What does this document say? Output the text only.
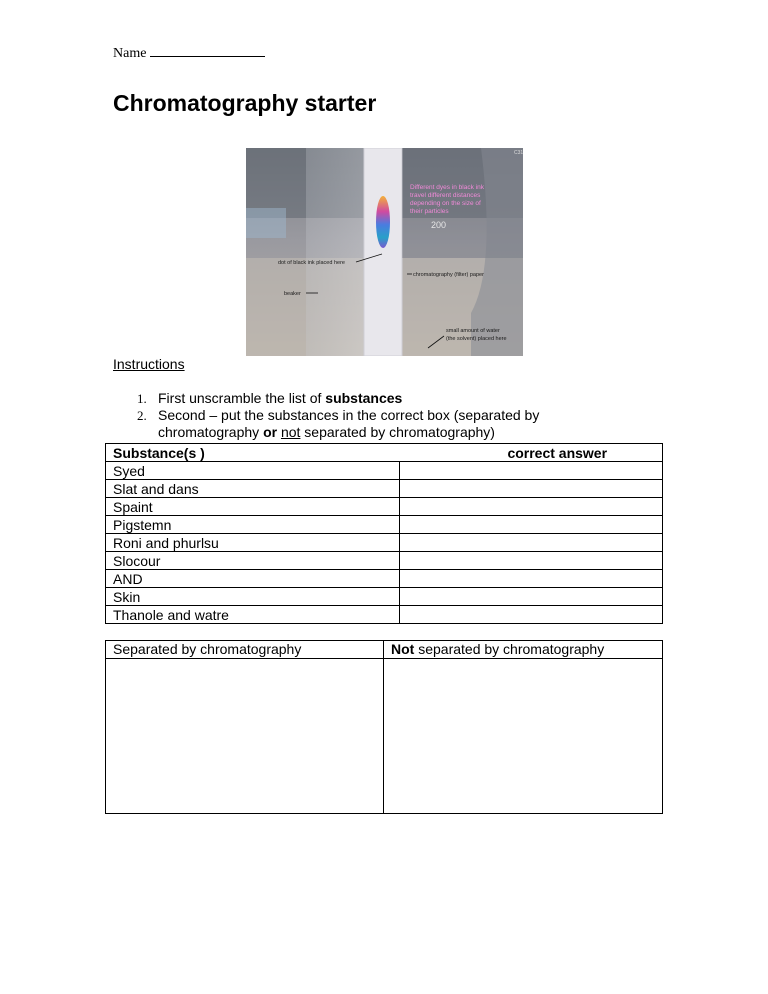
Name
Chromatography starter
Different dyes in black ink
travel different distances
depending on the size of
their particles
200
C31
dot of black ink placed here
chromatography (filter) paper
beaker
small amount of water
(the solvent) placed here
Instructions
1. First unscramble the list of substances
2. Second – put the substances in the correct box (separated by chromatography or not separated by chromatography)
Substance(s )	correct answer
Syed	
Slat and dans	
Spaint	
Pigstemn	
Roni and phurlsu	
Slocour	
AND	
Skin	
Thanole and watre	
Separated by chromatography	Not separated by chromatography
